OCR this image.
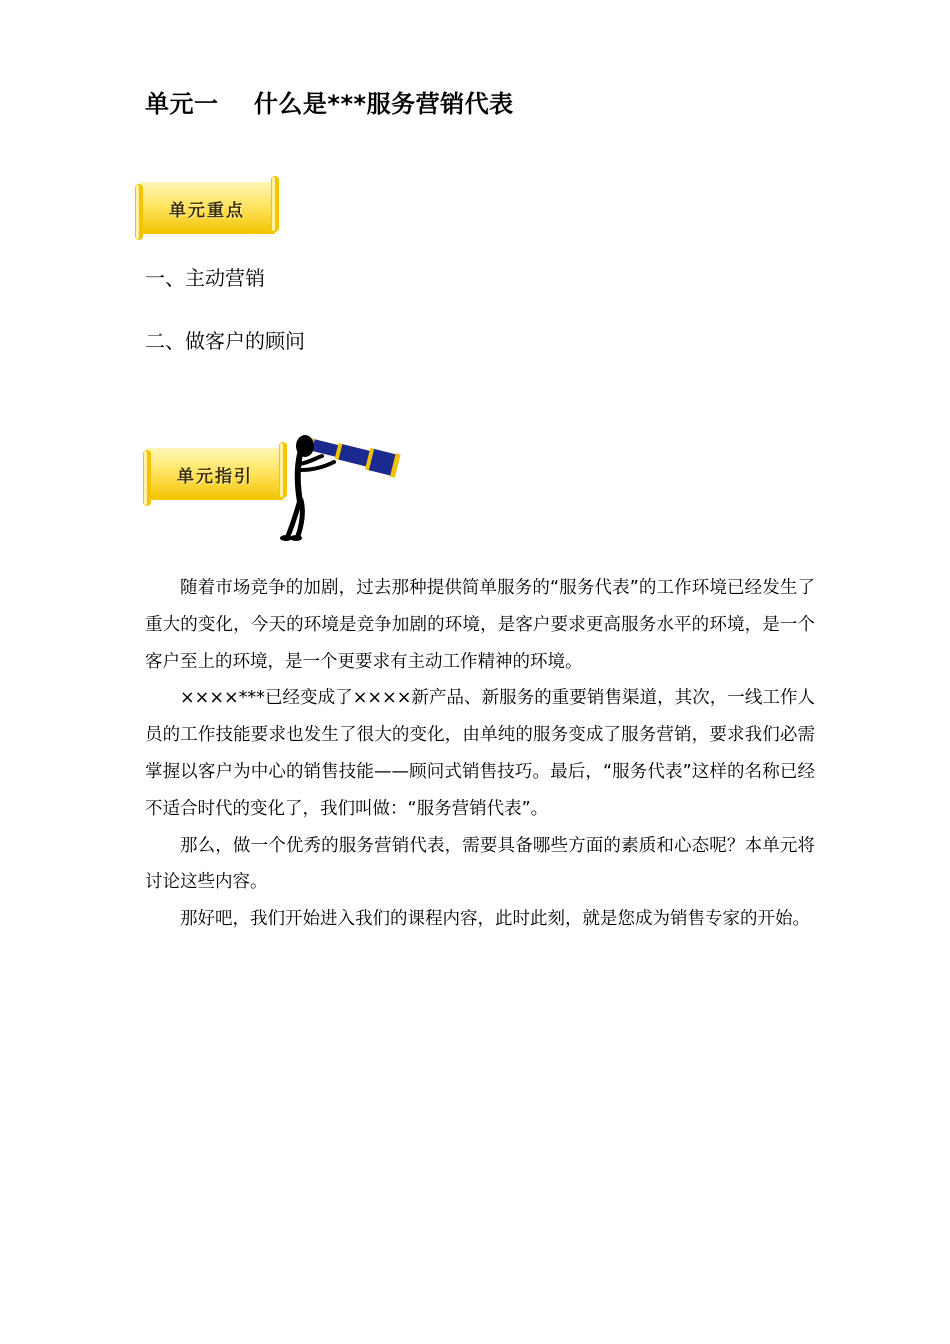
单元一    什么是***服务营销代表
单元重点
一、主动营销
二、做客户的顾问
单元指引

随着市场竞争的加剧，过去那种提供简单服务的“服务代表”的工作环境已经发生了重大的变化，今天的环境是竞争加剧的环境，是客户要求更高服务水平的环境，是一个客户至上的环境，是一个更要求有主动工作精神的环境。

××××***已经变成了××××新产品、新服务的重要销售渠道，其次，一线工作人员的工作技能要求也发生了很大的变化，由单纯的服务变成了服务营销，要求我们必需掌握以客户为中心的销售技能——顾问式销售技巧。最后，“服务代表”这样的名称已经不适合时代的变化了，我们叫做：“服务营销代表”。

那么，做一个优秀的服务营销代表，需要具备哪些方面的素质和心态呢？本单元将讨论这些内容。

那好吧，我们开始进入我们的课程内容，此时此刻，就是您成为销售专家的开始。
